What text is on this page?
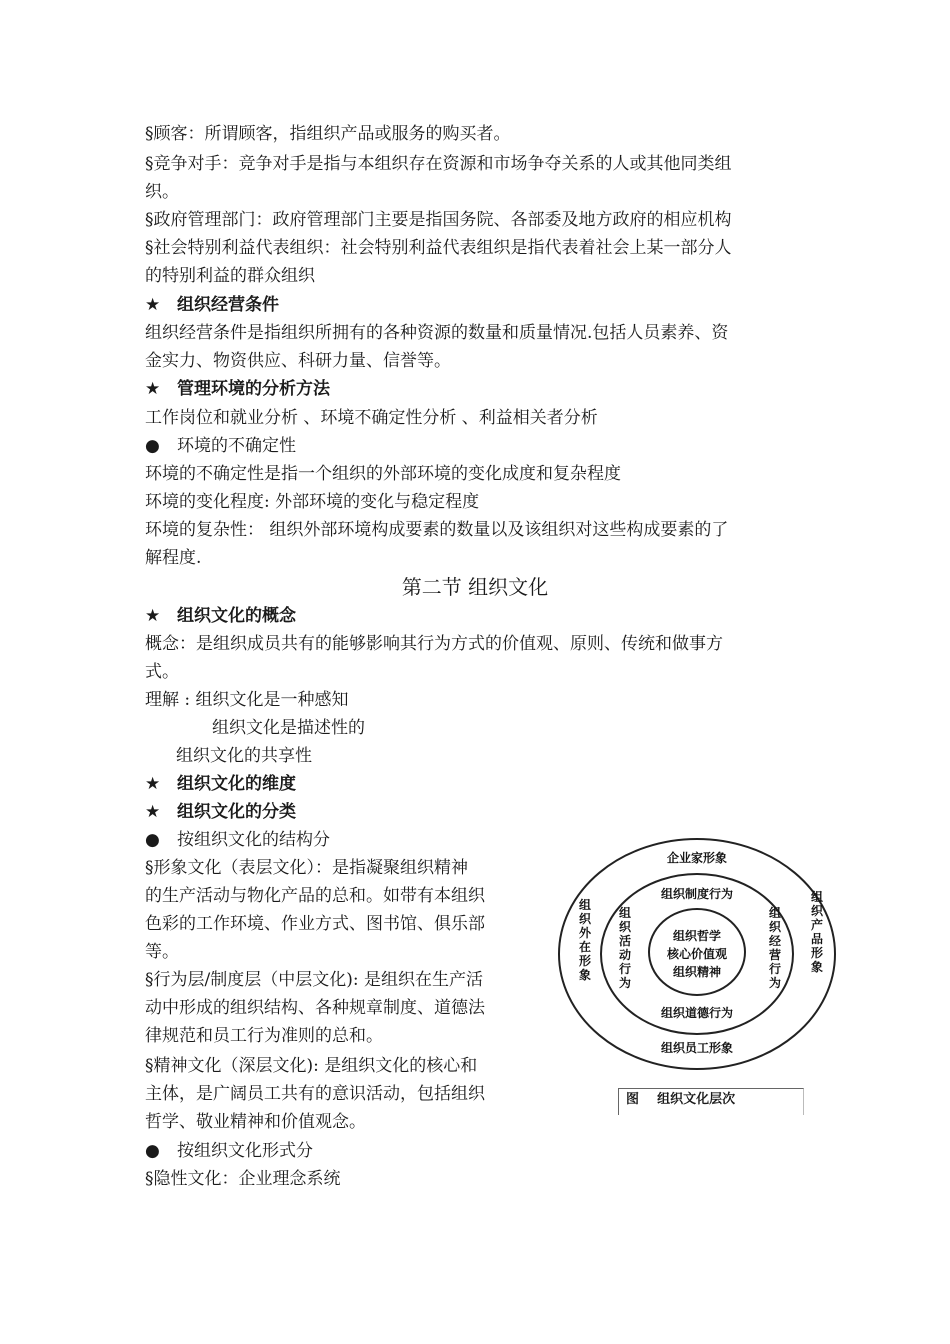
§顾客：所谓顾客，指组织产品或服务的购买者。
§竞争对手：竞争对手是指与本组织存在资源和市场争夺关系的人或其他同类组
织。
§政府管理部门：政府管理部门主要是指国务院、各部委及地方政府的相应机构
§社会特别利益代表组织：社会特别利益代表组织是指代表着社会上某一部分人
的特别利益的群众组织
★ 组织经营条件
组织经营条件是指组织所拥有的各种资源的数量和质量情况.包括人员素养、资
金实力、物资供应、科研力量、信誉等。
★ 管理环境的分析方法
工作岗位和就业分析 、环境不确定性分析 、利益相关者分析
● 环境的不确定性
环境的不确定性是指一个组织的外部环境的变化成度和复杂程度
环境的变化程度: 外部环境的变化与稳定程度
环境的复杂性： 组织外部环境构成要素的数量以及该组织对这些构成要素的了
解程度.
第二节 组织文化
★ 组织文化的概念
概念：是组织成员共有的能够影响其行为方式的价值观、原则、传统和做事方
式。
理解 : 组织文化是一种感知
组织文化是描述性的
组织文化的共享性
★ 组织文化的维度
★ 组织文化的分类
● 按组织文化的结构分
§形象文化（表层文化）：是指凝聚组织精神
的生产活动与物化产品的总和。如带有本组织
色彩的工作环境、作业方式、图书馆、俱乐部
等。
§行为层/制度层（中层文化): 是组织在生产活
动中形成的组织结构、各种规章制度、道德法
律规范和员工行为准则的总和。
§精神文化（深层文化): 是组织文化的核心和
主体，是广阔员工共有的意识活动，包括组织
哲学、敬业精神和价值观念。
● 按组织文化形式分
§隐性文化：企业理念系统
企业家形象
组织员工形象
组织制度行为
组织道德行为
组织哲学
核心价值观
组织精神
组织外在形象
组织产品形象
组织活动行为
组织经营行为
图    组织文化层次
